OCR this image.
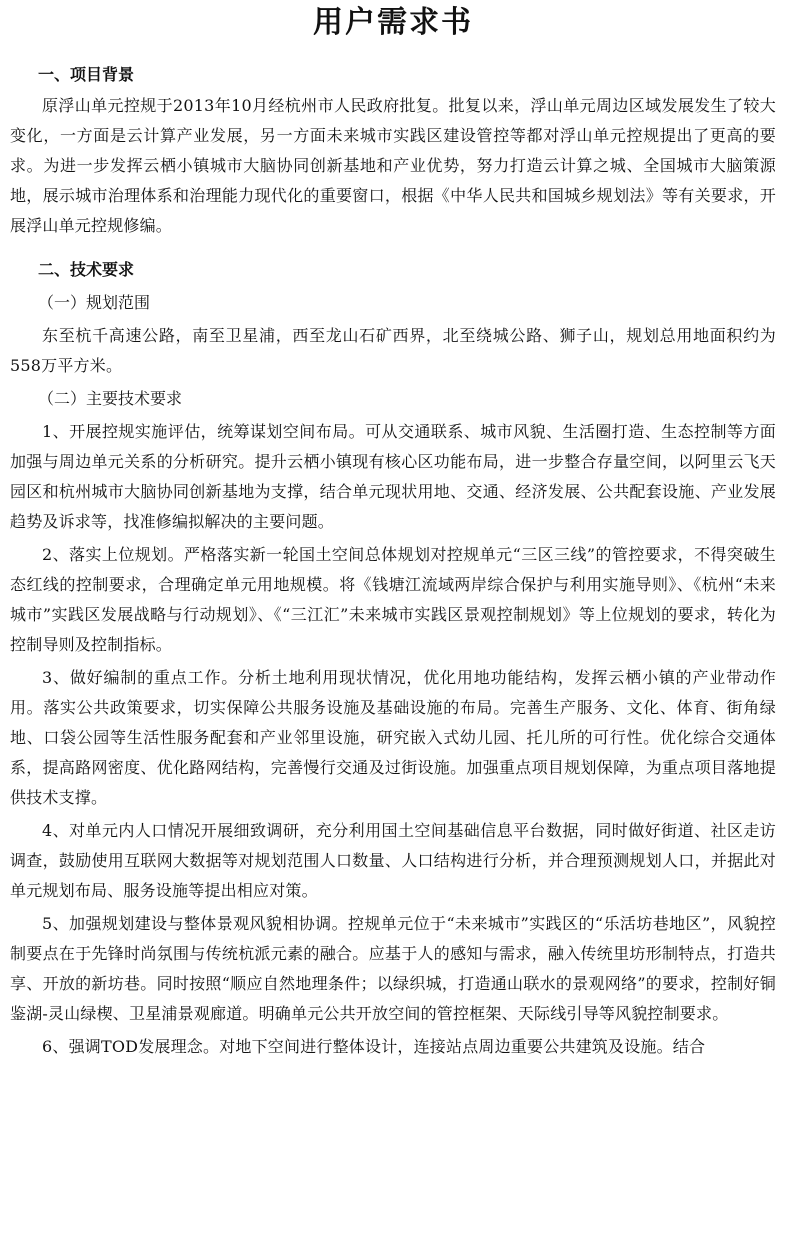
用户需求书
一、项目背景

原浮山单元控规于2013年10月经杭州市人民政府批复。批复以来，浮山单元周边区域发展发生了较大变化，一方面是云计算产业发展，另一方面未来城市实践区建设管控等都对浮山单元控规提出了更高的要求。为进一步发挥云栖小镇城市大脑协同创新基地和产业优势，努力打造云计算之城、全国城市大脑策源地，展示城市治理体系和治理能力现代化的重要窗口，根据《中华人民共和国城乡规划法》等有关要求，开展浮山单元控规修编。

二、技术要求
（一）规划范围

东至杭千高速公路，南至卫星浦，西至龙山石矿西界，北至绕城公路、狮子山，规划总用地面积约为558万平方米。

（二）主要技术要求

1、开展控规实施评估，统筹谋划空间布局。可从交通联系、城市风貌、生活圈打造、生态控制等方面加强与周边单元关系的分析研究。提升云栖小镇现有核心区功能布局，进一步整合存量空间，以阿里云飞天园区和杭州城市大脑协同创新基地为支撑，结合单元现状用地、交通、经济发展、公共配套设施、产业发展趋势及诉求等，找准修编拟解决的主要问题。

2、落实上位规划。严格落实新一轮国土空间总体规划对控规单元“三区三线”的管控要求，不得突破生态红线的控制要求，合理确定单元用地规模。将《钱塘江流域两岸综合保护与利用实施导则》、《杭州“未来城市”实践区发展战略与行动规划》、《“三江汇”未来城市实践区景观控制规划》等上位规划的要求，转化为控制导则及控制指标。

3、做好编制的重点工作。分析土地利用现状情况，优化用地功能结构，发挥云栖小镇的产业带动作用。落实公共政策要求，切实保障公共服务设施及基础设施的布局。完善生产服务、文化、体育、街角绿地、口袋公园等生活性服务配套和产业邻里设施，研究嵌入式幼儿园、托儿所的可行性。优化综合交通体系，提高路网密度、优化路网结构，完善慢行交通及过街设施。加强重点项目规划保障，为重点项目落地提供技术支撑。

4、对单元内人口情况开展细致调研，充分利用国土空间基础信息平台数据，同时做好街道、社区走访调查，鼓励使用互联网大数据等对规划范围人口数量、人口结构进行分析，并合理预测规划人口，并据此对单元规划布局、服务设施等提出相应对策。

5、加强规划建设与整体景观风貌相协调。控规单元位于“未来城市”实践区的“乐活坊巷地区”，风貌控制要点在于先锋时尚氛围与传统杭派元素的融合。应基于人的感知与需求，融入传统里坊形制特点，打造共享、开放的新坊巷。同时按照“顺应自然地理条件；以绿织城，打造通山联水的景观网络”的要求，控制好铜鉴湖-灵山绿楔、卫星浦景观廊道。明确单元公共开放空间的管控框架、天际线引导等风貌控制要求。

6、强调TOD发展理念。对地下空间进行整体设计，连接站点周边重要公共建筑及设施。结合
